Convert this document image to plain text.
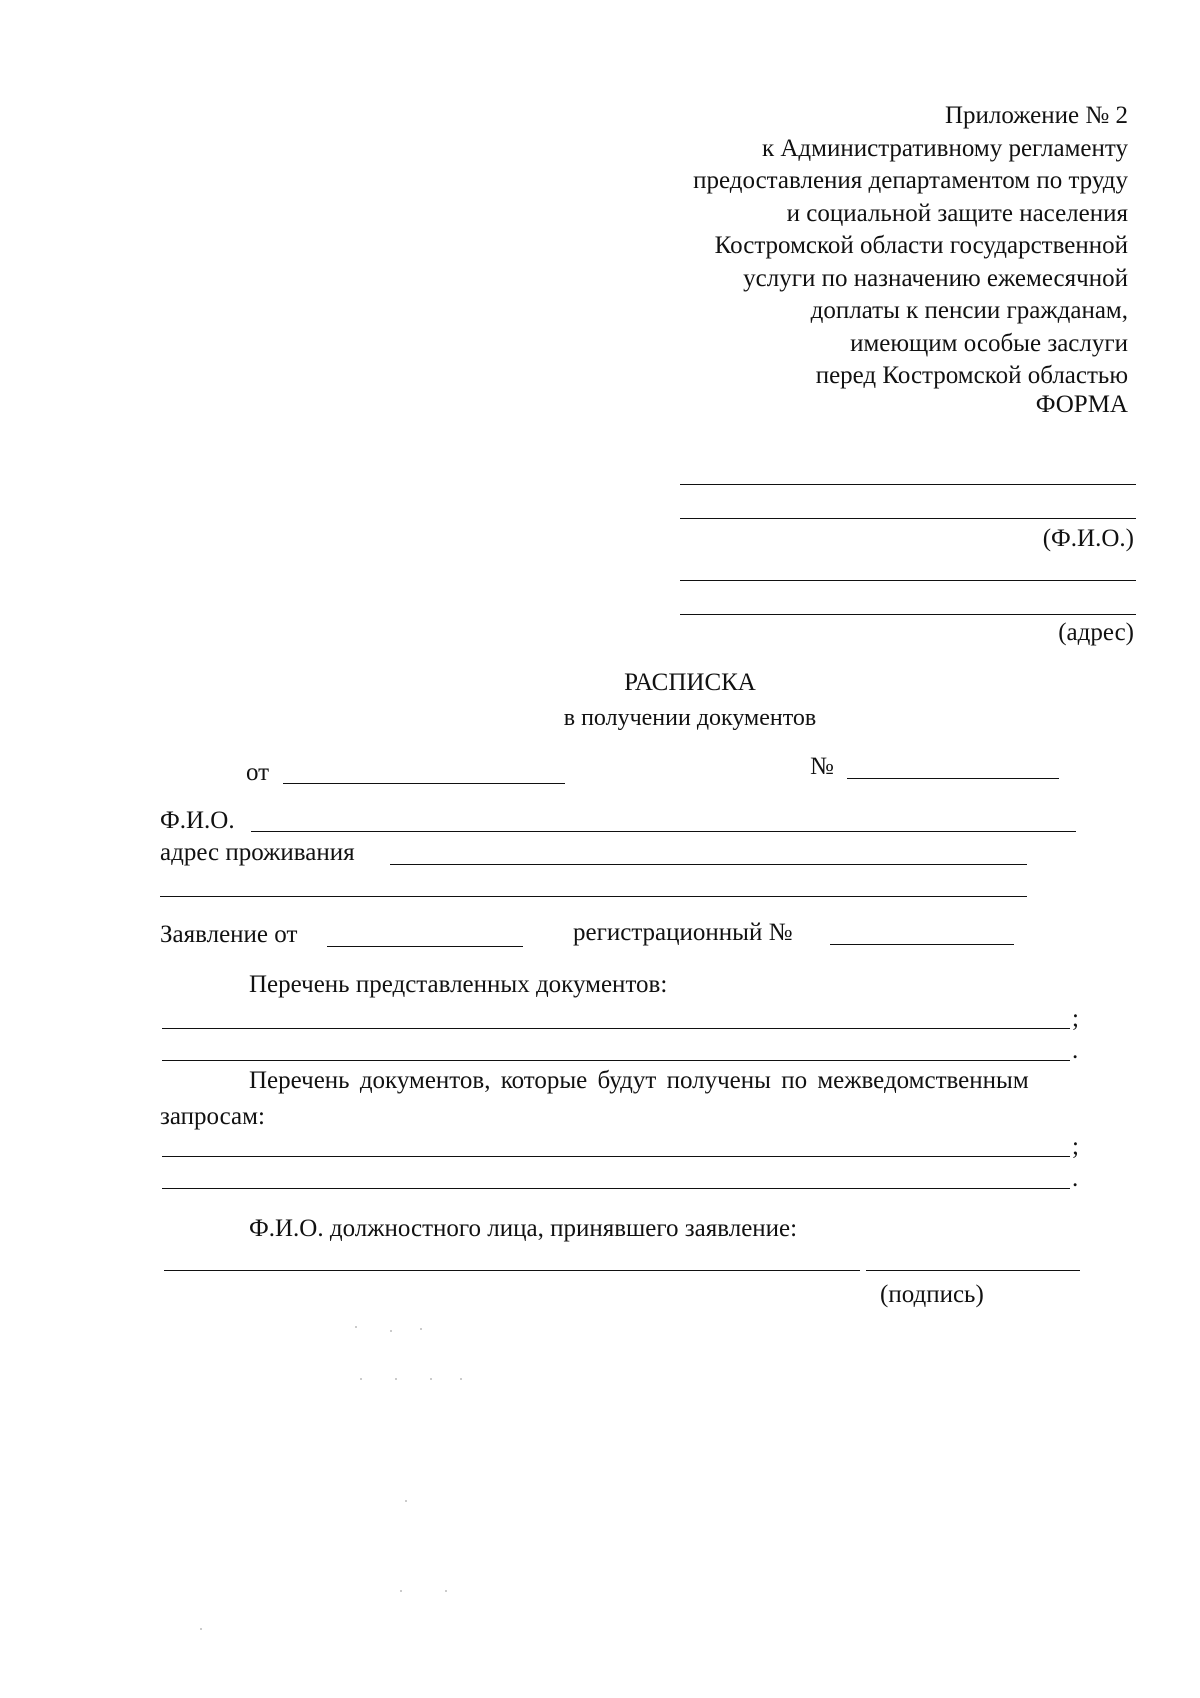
Приложение № 2
к Административному регламенту
предоставления департаментом по труду
и социальной защите населения
Костромской области государственной
услуги по назначению ежемесячной
доплаты к пенсии гражданам,
имеющим особые заслуги
перед Костромской областью
ФОРМА
(Ф.И.О.)
(адрес)
РАСПИСКА
в получении документов
от	№
Ф.И.О.
адрес проживания
Заявление от	регистрационный №
Перечень представленных документов:
;
.
Перечень документов, которые будут получены по межведомственным
запросам:
;
.
Ф.И.О. должностного лица, принявшего заявление:
(подпись)
